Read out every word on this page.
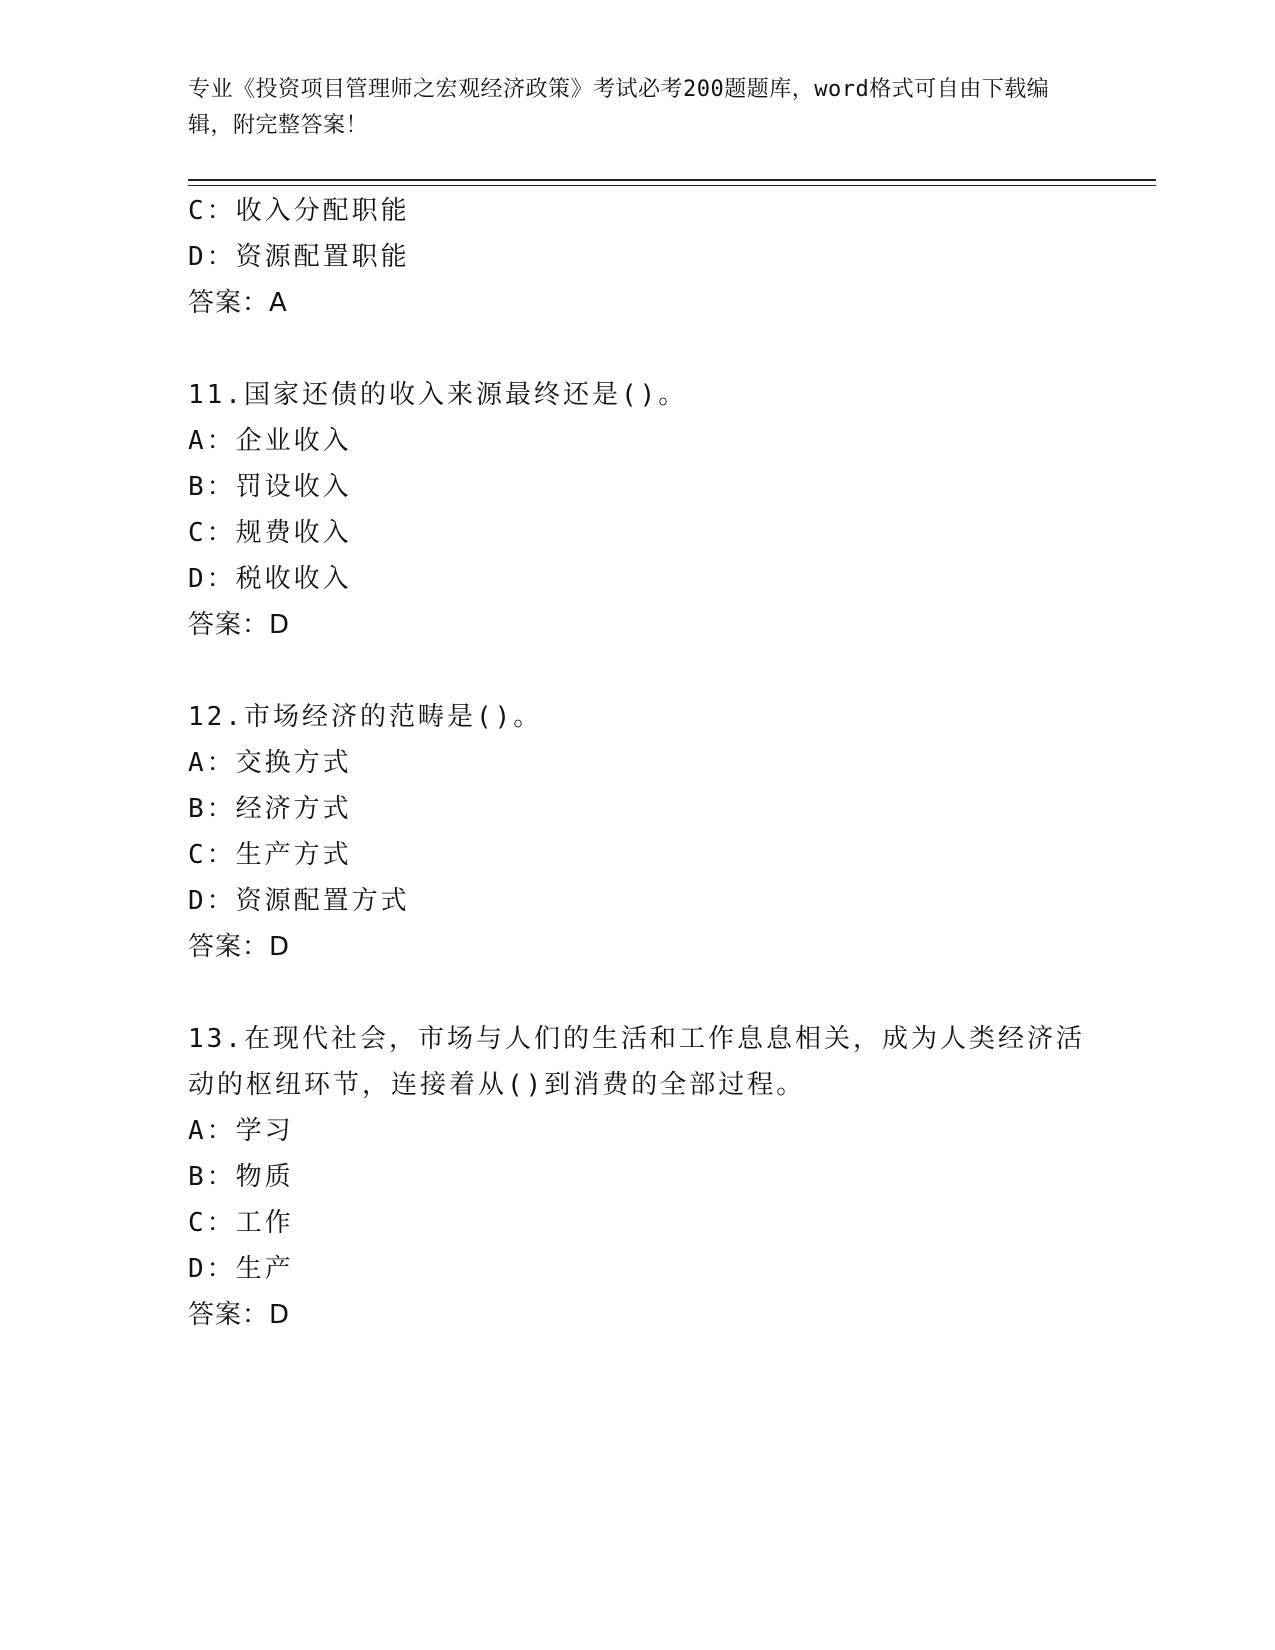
专业《投资项目管理师之宏观经济政策》考试必考200题题库，word格式可自由下载编辑，附完整答案！
C：收入分配职能
D：资源配置职能
答案：A
11.国家还债的收入来源最终还是()。
A：企业收入
B：罚设收入
C：规费收入
D：税收收入
答案：D
12.市场经济的范畴是()。
A：交换方式
B：经济方式
C：生产方式
D：资源配置方式
答案：D
13.在现代社会，市场与人们的生活和工作息息相关，成为人类经济活动的枢纽环节，连接着从()到消费的全部过程。
A：学习
B：物质
C：工作
D：生产
答案：D
